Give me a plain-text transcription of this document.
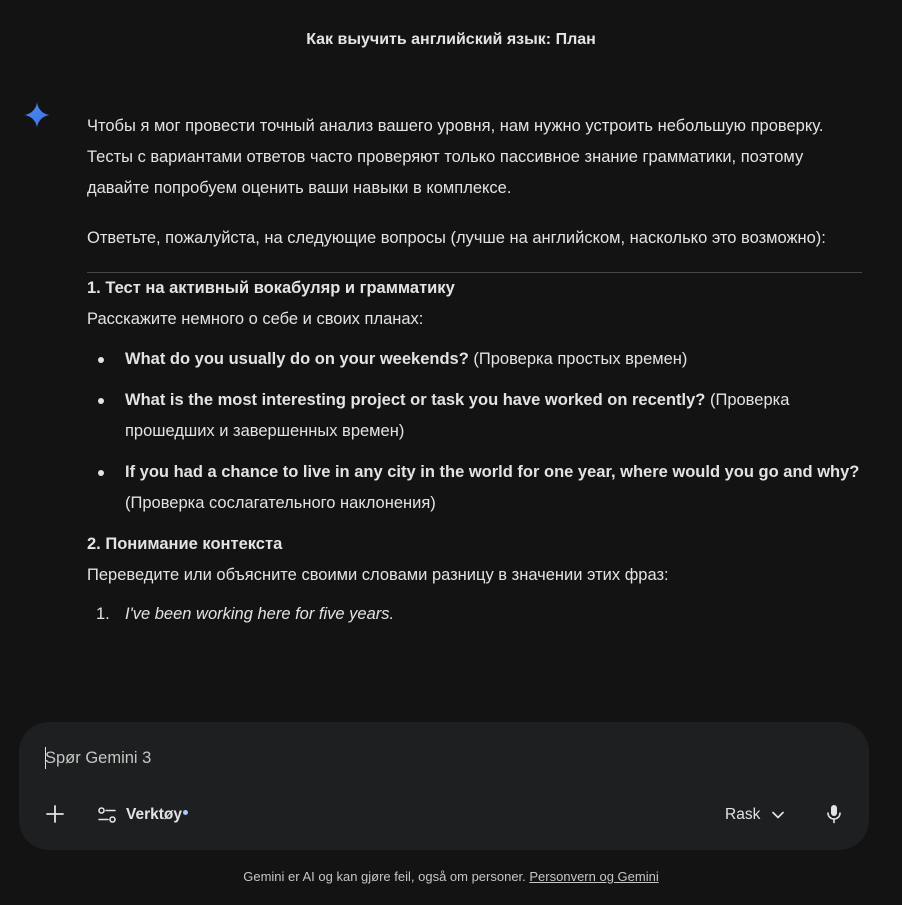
Как выучить английский язык: План

Чтобы я мог провести точный анализ вашего уровня, нам нужно устроить небольшую проверку. Тесты с вариантами ответов часто проверяют только пассивное знание грамматики, поэтому давайте попробуем оценить ваши навыки в комплексе.

Ответьте, пожалуйста, на следующие вопросы (лучше на английском, насколько это возможно):

1. Тест на активный вокабуляр и грамматику

Расскажите немного о себе и своих планах:

What do you usually do on your weekends? (Проверка простых времен)
What is the most interesting project or task you have worked on recently? (Проверка прошедших и завершенных времен)
If you had a chance to live in any city in the world for one year, where would you go and why? (Проверка сослагательного наклонения)

2. Понимание контекста

Переведите или объясните своими словами разницу в значении этих фраз:

1. I've been working here for five years.
Spør Gemini 3
Verktøy	Rask
Gemini er AI og kan gjøre feil, også om personer. Personvern og Gemini
